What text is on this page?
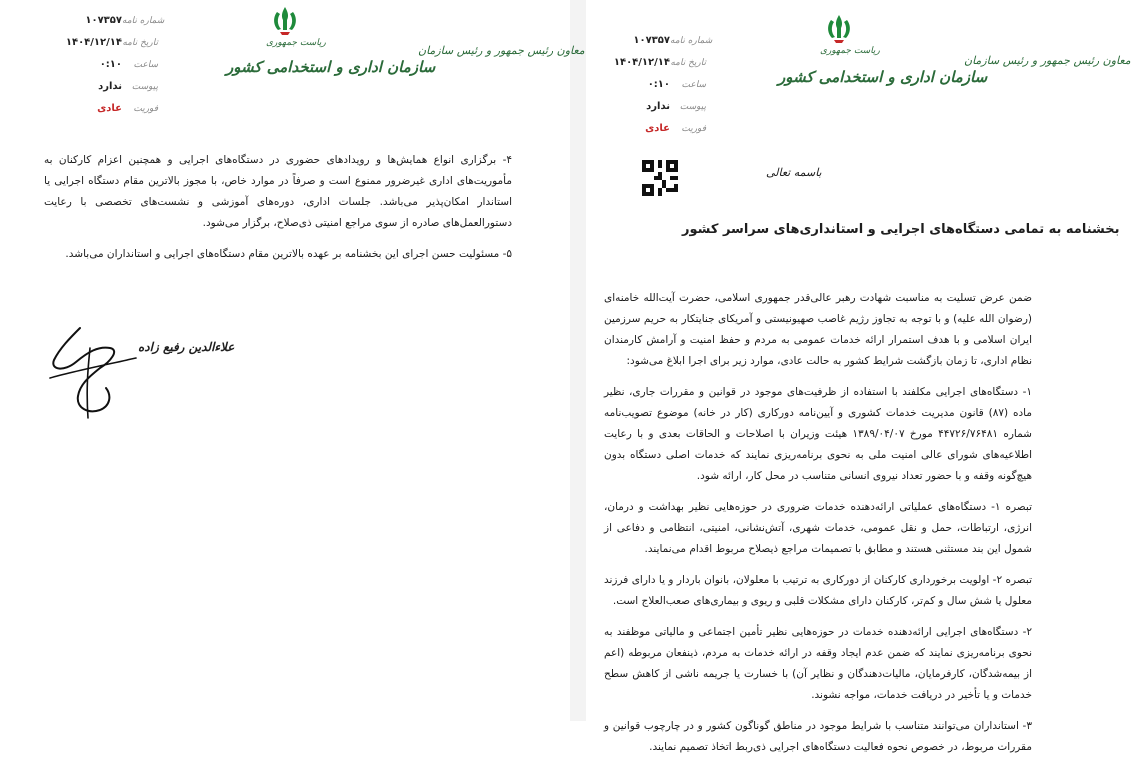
۱۰۷۳۵۷ شماره نامه
۱۴۰۴/۱۲/۱۴ تاریخ نامه
۰:۱۰	ساعت
ندارد	پیوست
عادی	فوریت
ریاست جمهوری
سازمان اداری و استخدامی کشور
معاون رئیس جمهور و رئیس سازمان

۴- برگزاری انواع همایش‌ها و رویدادهای حضوری در دستگاه‌های اجرایی و همچنین اعزام کارکنان به مأموریت‌های اداری غیرضرور ممنوع است و صرفاً در موارد خاص، با مجوز بالاترین مقام دستگاه اجرایی یا استاندار امکان‌پذیر می‌باشد. جلسات اداری، دوره‌های آموزشی و نشست‌های تخصصی با رعایت دستورالعمل‌های صادره از سوی مراجع امنیتی ذی‌صلاح، برگزار می‌شود.

۵- مسئولیت حسن اجرای این بخشنامه بر عهده بالاترین مقام دستگاه‌های اجرایی و استانداران می‌باشد.

علاءالدین رفیع زاده
۱۰۷۳۵۷ شماره نامه
۱۴۰۴/۱۲/۱۴ تاریخ نامه
۰:۱۰	ساعت
ندارد	پیوست
عادی	فوریت
ریاست جمهوری
سازمان اداری و استخدامی کشور
معاون رئیس جمهور و رئیس سازمان
باسمه تعالی
بخشنامه به تمامی دستگاه‌های اجرایی و استانداری‌های سراسر کشور

ضمن عرض تسلیت به مناسبت شهادت رهبر عالی‌قدر جمهوری اسلامی، حضرت آیت‌الله خامنه‌ای (رضوان الله علیه) و با توجه به تجاوز رژیم غاصب صهیونیستی و آمریکای جنایتکار به حریم سرزمین ایران اسلامی و با هدف استمرار ارائه خدمات عمومی به مردم و حفظ امنیت و آرامش کارمندان نظام اداری، تا زمان بازگشت شرایط کشور به حالت عادی، موارد زیر برای اجرا ابلاغ می‌شود:

۱- دستگاه‌های اجرایی مکلفند با استفاده از ظرفیت‌های موجود در قوانین و مقررات جاری، نظیر ماده (۸۷) قانون مدیریت خدمات کشوری و آیین‌نامه دورکاری (کار در خانه) موضوع تصویب‌نامه شماره ۴۴۷۲۶/۷۶۴۸۱ مورخ ۱۳۸۹/۰۴/۰۷ هیئت وزیران با اصلاحات و الحاقات بعدی و با رعایت اطلاعیه‌های شورای عالی امنیت ملی به نحوی برنامه‌ریزی نمایند که خدمات اصلی دستگاه بدون هیچ‌گونه وقفه و با حضور تعداد نیروی انسانی متناسب در محل کار، ارائه شود.

تبصره ۱- دستگاه‌های عملیاتی ارائه‌دهنده خدمات ضروری در حوزه‌هایی نظیر بهداشت و درمان، انرژی، ارتباطات، حمل و نقل عمومی، خدمات شهری، آتش‌نشانی، امنیتی، انتظامی و دفاعی از شمول این بند مستثنی هستند و مطابق با تصمیمات مراجع ذیصلاح مربوط اقدام می‌نمایند.

تبصره ۲- اولویت برخورداری کارکنان از دورکاری به ترتیب با معلولان، بانوان باردار و یا دارای فرزند معلول یا شش سال و کم‌تر، کارکنان دارای مشکلات قلبی و ریوی و بیماری‌های صعب‌العلاج است.

۲- دستگاه‌های اجرایی ارائه‌دهنده خدمات در حوزه‌هایی نظیر تأمین اجتماعی و مالیاتی موظفند به نحوی برنامه‌ریزی نمایند که ضمن عدم ایجاد وقفه در ارائه خدمات به مردم، ذینفعان مربوطه (اعم از بیمه‌شدگان، کارفرمایان، مالیات‌دهندگان و نظایر آن) با خسارت یا جریمه ناشی از کاهش سطح خدمات و یا تأخیر در دریافت خدمات، مواجه نشوند.

۳- استانداران می‌توانند متناسب با شرایط موجود در مناطق گوناگون کشور و در چارچوب قوانین و مقررات مربوط، در خصوص نحوه فعالیت دستگاه‌های اجرایی ذی‌ربط اتخاذ تصمیم نمایند.
